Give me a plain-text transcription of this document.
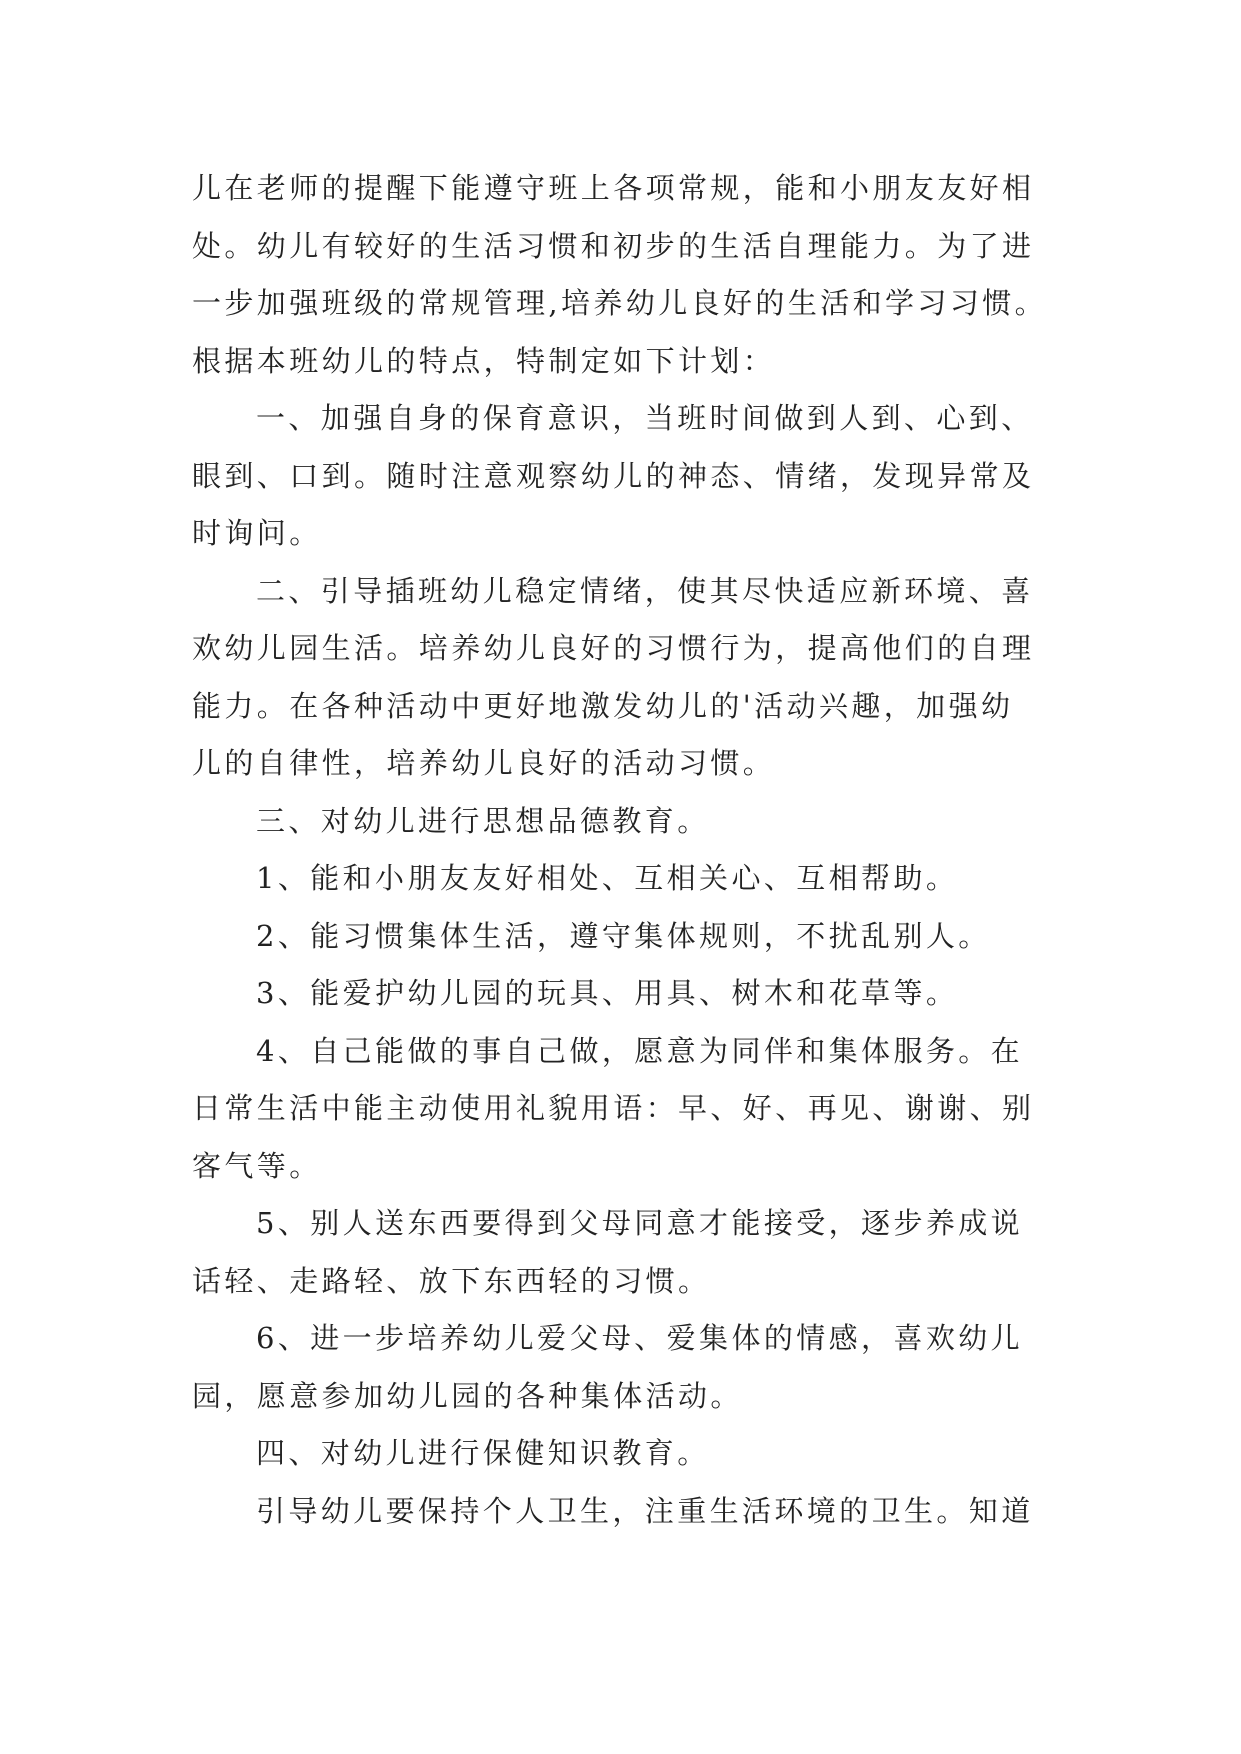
儿在老师的提醒下能遵守班上各项常规，能和小朋友友好相
处。幼儿有较好的生活习惯和初步的生活自理能力。为了进
一步加强班级的常规管理,培养幼儿良好的生活和学习习惯。
根据本班幼儿的特点，特制定如下计划：
一、加强自身的保育意识，当班时间做到人到、心到、
眼到、口到。随时注意观察幼儿的神态、情绪，发现异常及
时询问。
二、引导插班幼儿稳定情绪，使其尽快适应新环境、喜
欢幼儿园生活。培养幼儿良好的习惯行为，提高他们的自理
能力。在各种活动中更好地激发幼儿的'活动兴趣，加强幼
儿的自律性，培养幼儿良好的活动习惯。
三、对幼儿进行思想品德教育。
1、能和小朋友友好相处、互相关心、互相帮助。
2、能习惯集体生活，遵守集体规则，不扰乱别人。
3、能爱护幼儿园的玩具、用具、树木和花草等。
4、自己能做的事自己做，愿意为同伴和集体服务。在
日常生活中能主动使用礼貌用语：早、好、再见、谢谢、别
客气等。
5、别人送东西要得到父母同意才能接受，逐步养成说
话轻、走路轻、放下东西轻的习惯。
6、进一步培养幼儿爱父母、爱集体的情感，喜欢幼儿
园，愿意参加幼儿园的各种集体活动。
四、对幼儿进行保健知识教育。
引导幼儿要保持个人卫生，注重生活环境的卫生。知道
